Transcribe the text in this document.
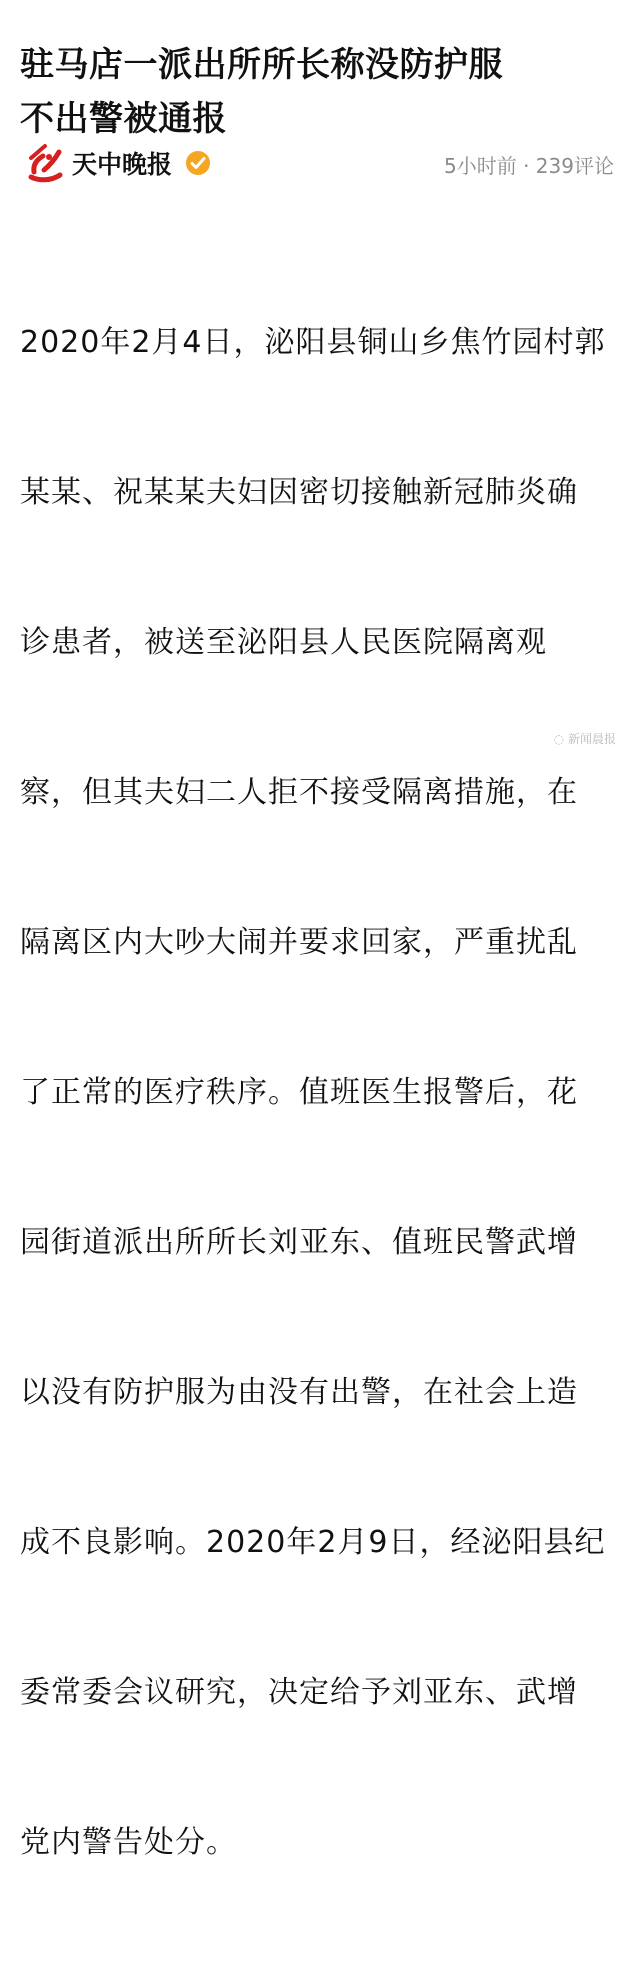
驻马店一派出所所长称没防护服
不出警被通报
天中晚报	5小时前 · 239评论

2020年2月4日，泌阳县铜山乡焦竹园村郭

某某、祝某某夫妇因密切接触新冠肺炎确

诊患者，被送至泌阳县人民医院隔离观

察，但其夫妇二人拒不接受隔离措施，在

隔离区内大吵大闹并要求回家，严重扰乱

了正常的医疗秩序。值班医生报警后，花

园街道派出所所长刘亚东、值班民警武增

以没有防护服为由没有出警，在社会上造

成不良影响。2020年2月9日，经泌阳县纪

委常委会议研究，决定给予刘亚东、武增

党内警告处分。

◌ 新闻晨报
